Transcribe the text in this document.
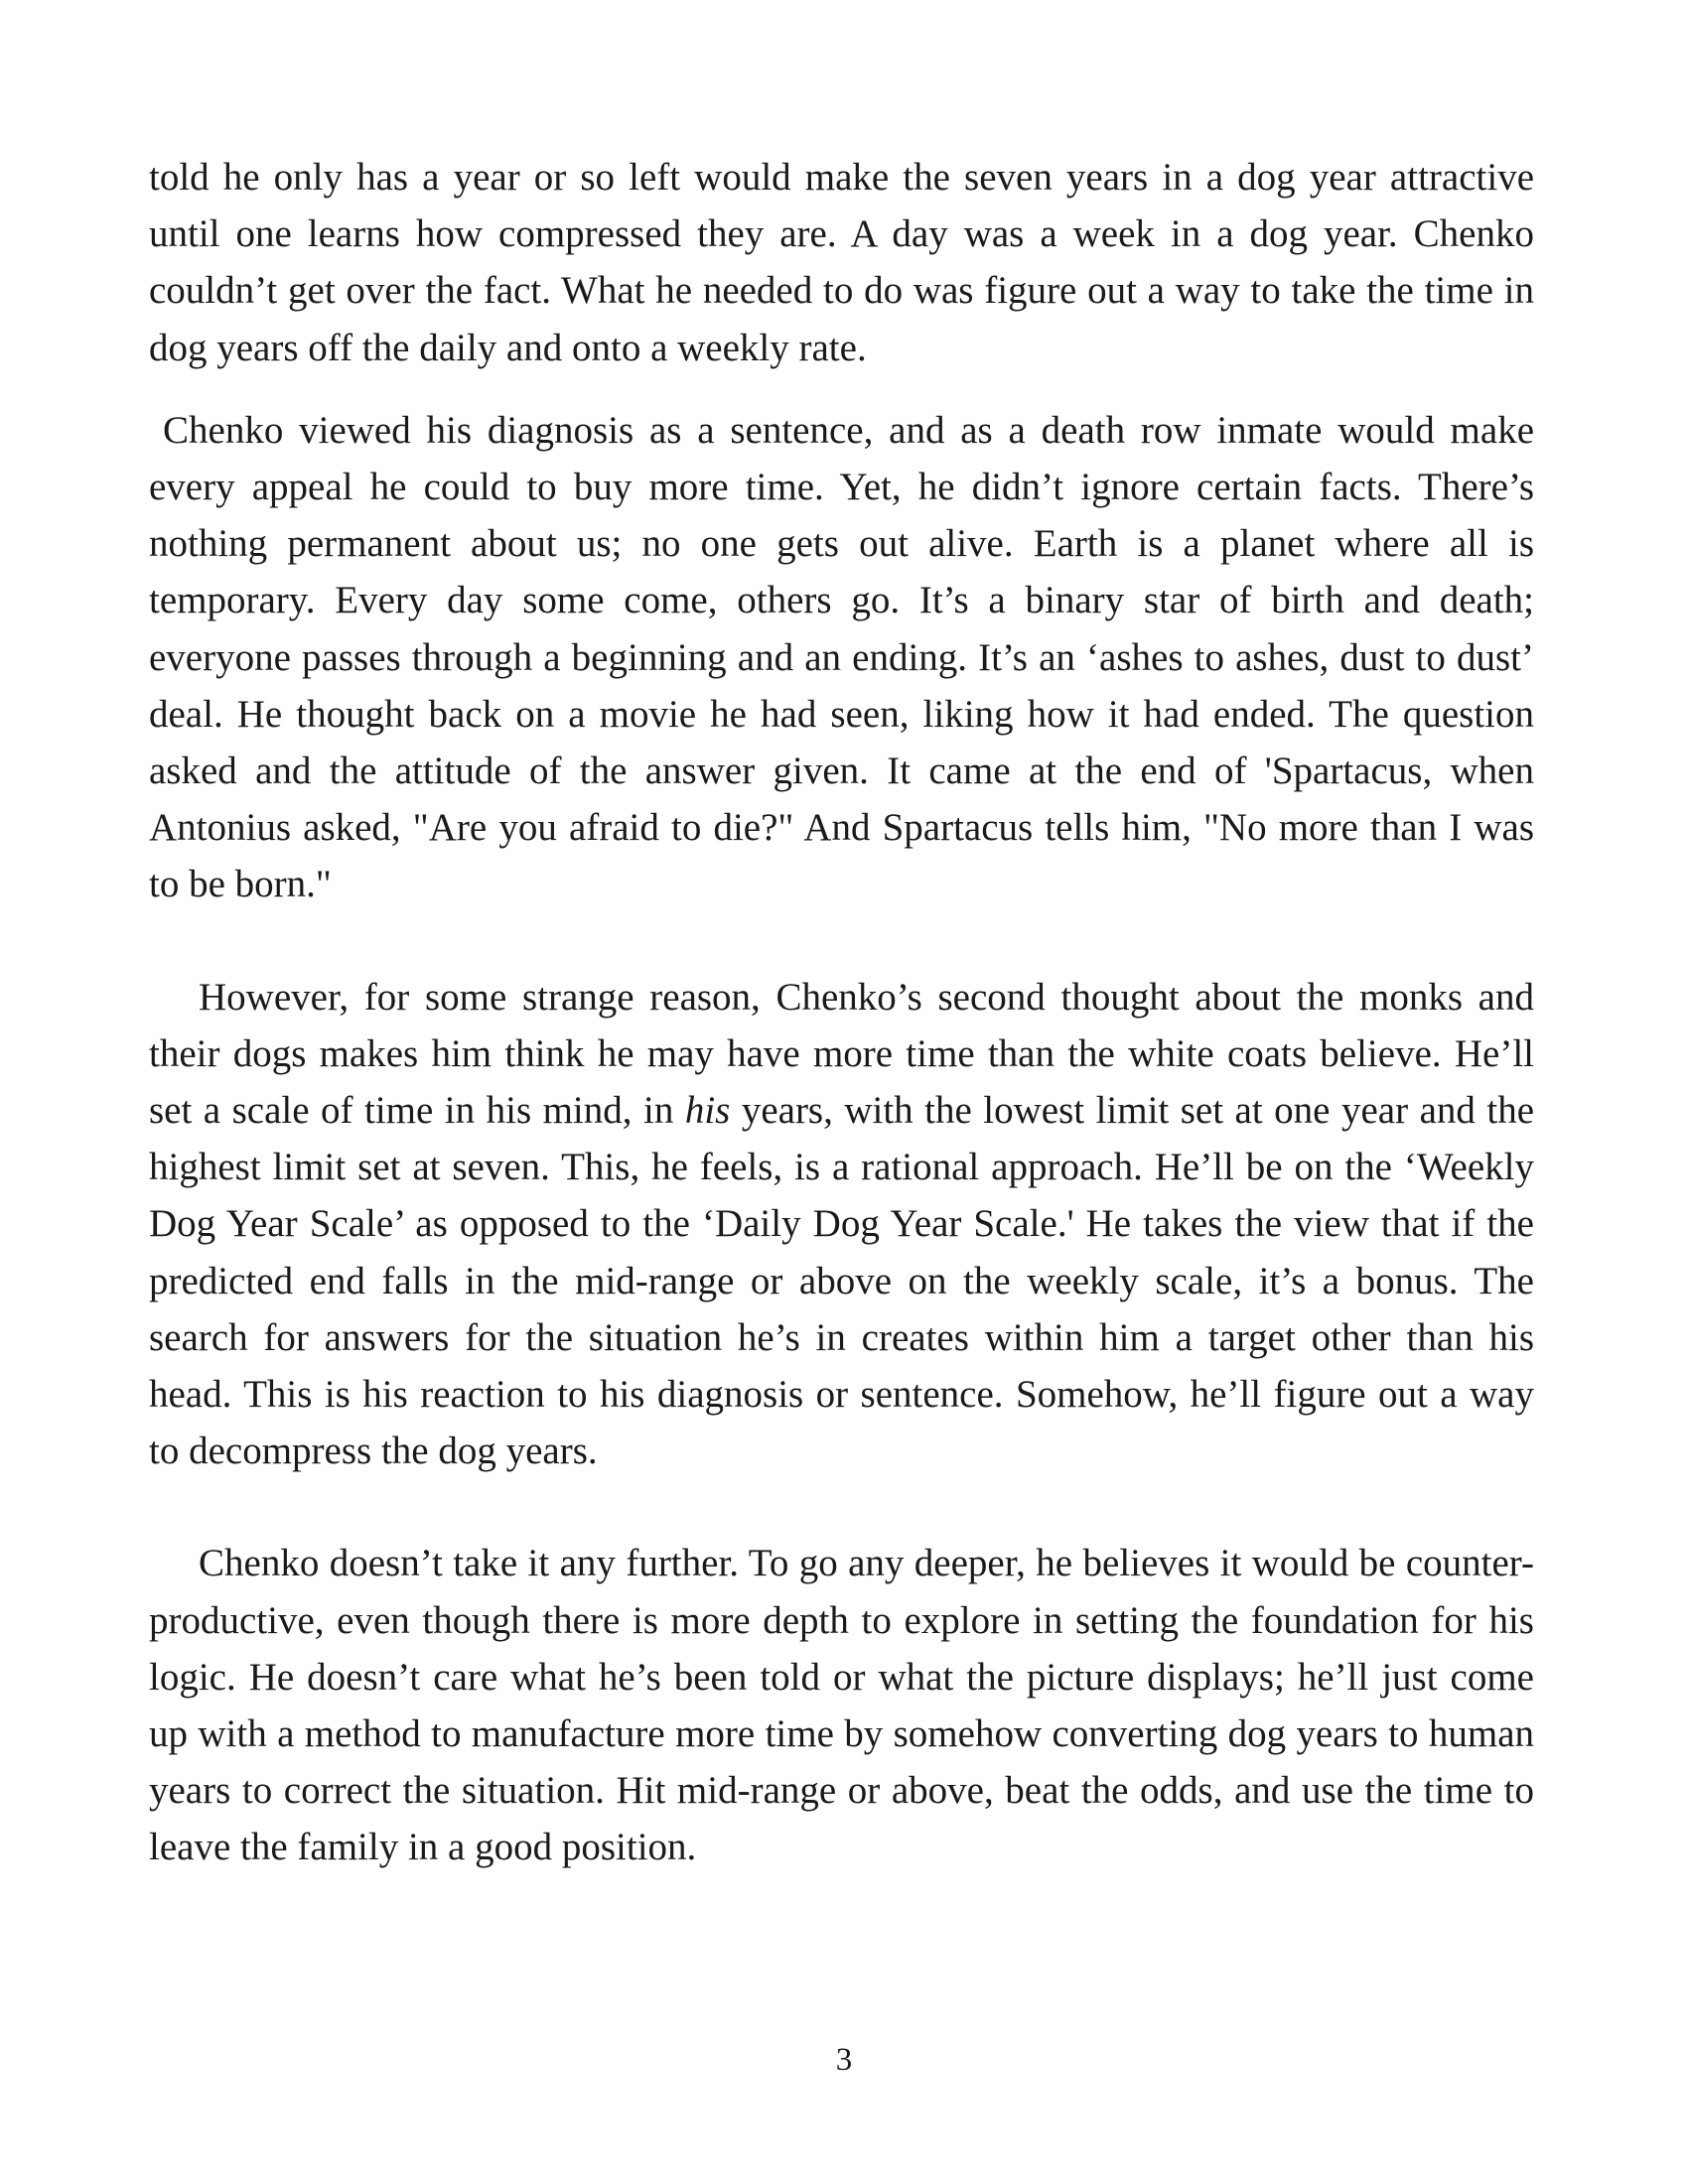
told he only has a year or so left would make the seven years in a dog year attractive until one learns how compressed they are. A day was a week in a dog year. Chenko couldn’t get over the fact. What he needed to do was figure out a way to take the time in dog years off the daily and onto a weekly rate.

Chenko viewed his diagnosis as a sentence, and as a death row inmate would make every appeal he could to buy more time. Yet, he didn’t ignore certain facts. There’s nothing permanent about us; no one gets out alive. Earth is a planet where all is temporary. Every day some come, others go. It’s a binary star of birth and death; everyone passes through a beginning and an ending. It’s an ‘ashes to ashes, dust to dust’ deal. He thought back on a movie he had seen, liking how it had ended. The question asked and the attitude of the answer given. It came at the end of 'Spartacus, when Antonius asked, "Are you afraid to die?" And Spartacus tells him, "No more than I was to be born."

However, for some strange reason, Chenko’s second thought about the monks and their dogs makes him think he may have more time than the white coats believe. He’ll set a scale of time in his mind, in his years, with the lowest limit set at one year and the highest limit set at seven. This, he feels, is a rational approach. He’ll be on the ‘Weekly Dog Year Scale’ as opposed to the ‘Daily Dog Year Scale.' He takes the view that if the predicted end falls in the mid-range or above on the weekly scale, it’s a bonus. The search for answers for the situation he’s in creates within him a target other than his head. This is his reaction to his diagnosis or sentence. Somehow, he’ll figure out a way to decompress the dog years.

Chenko doesn’t take it any further. To go any deeper, he believes it would be counter-productive, even though there is more depth to explore in setting the foundation for his logic. He doesn’t care what he’s been told or what the picture displays; he’ll just come up with a method to manufacture more time by somehow converting dog years to human years to correct the situation. Hit mid-range or above, beat the odds, and use the time to leave the family in a good position.

3
